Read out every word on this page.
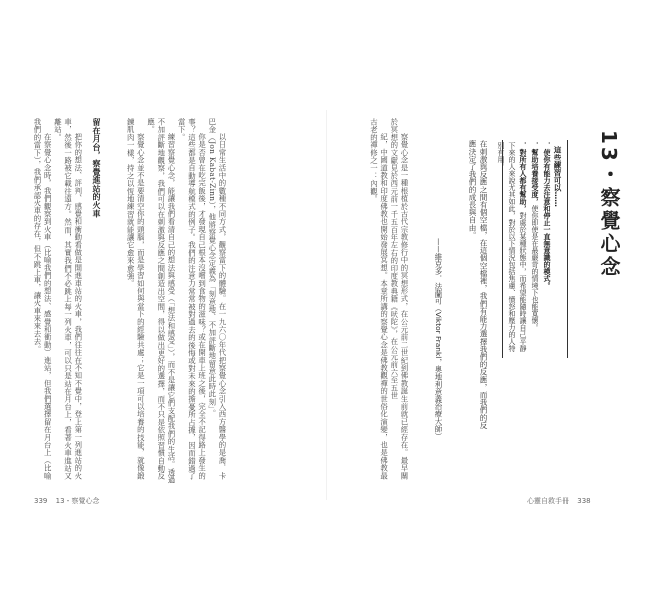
以日常生活中的數種不同方式，觀察當下的體驗。在一九六〇年代把察覺心念引入西方醫學的是喬．卡巴金（Jon Kabat-Zinn），他將察覺心念定義為「刻意地、不加評斷地留意此時此刻」。

你是否曾在吃完飯後，才發現自己根本沒嚐到食物的滋味？或在開車上班之後，完全不記得路上發生的事？這些都是自動導航模式的例子。我們的注意力常常被對過去的後悔或對未來的擔憂所占據，因而錯過了當下。

練習察覺心念，能讓我們看清自己的想法與感受（「想法和感受」），而不是讓它們支配我們的生活。透過不加評斷地觀察，我們可以在刺激與反應之間創造出空間，得以做出更好的選擇，而不只是依照習慣自動反應。

察覺心念並不是要清空你的頭腦，而是學習如何與當下的經驗共處；它是一項可以培養的技能，就像鍛鍊肌肉一樣，持之以恆地練習就能讓它愈來愈強。

留在月台，察覺進站的火車

把你的想法、評判、感覺和衝動看做是開進車站的火車，我們往往在不知不覺中，登上第一列進站的火車，然後一路被它載往遠方。然而，其實我們不必跳上每一列火車，可以只是站在月台上，看著火車進站又離站。

在察覺心念時，我們觀察到火車（比喻我們的想法、感覺和衝動）進站，但我們選擇留在月台上（比喻我們的當下），我們承認火車的存在，但不跳上車，讓火車來來去去。

339 13・察覺心念
13・察覺心念
這些練習可以……
．使你有能力去注意和停止一直無意識的模式。
．幫助培養接受度，使你即使是在最嚴苛的情境下也能寬懷。
．對所有人都有幫助，對處於某種狀態中，而希望能隨時讓自己平靜下來的人來說尤其如此，對於以下情況包括焦慮、憤怒和壓力的人特別有用。
在刺激與反應之間有個空檔，在這個空檔裡，我們有能力選擇我們的反應，而我們的反應決定了我們的成長與自由。
——維克多．法蘭可（Viktor Frankl，奧地利意義治療大師）

察覺心念是一種根植於古代宗教修行中的冥想形式，在公元前二世紀到佛教誕生前就已經存在。最早關於冥想的文獻見於西元前一千五百年左右的印度教典籍《吠陀》，在公元前六至五世

紀，中國道教和印度佛教也開始發展冥想。本章所講的察覺心念是佛教觀禪的世俗化演變，也是佛教最古老的禪修之一：內觀。

心靈自救手冊 338
